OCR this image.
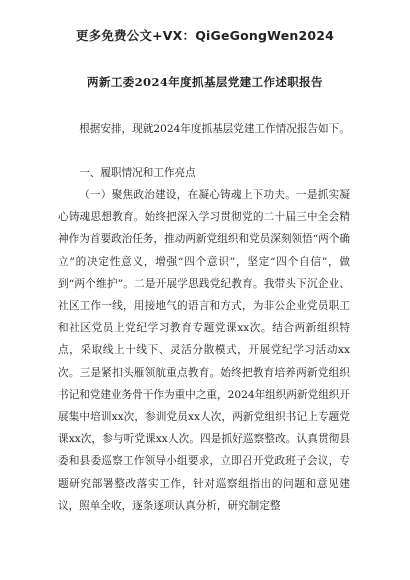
更多免费公文+VX：QiGeGongWen2024
两新工委2024年度抓基层党建工作述职报告
根据安排，现就2024年度抓基层党建工作情况报告如下。
一、履职情况和工作亮点
（一）聚焦政治建设，在凝心铸魂上下功夫。一是抓实凝心铸魂思想教育。始终把深入学习贯彻党的二十届三中全会精神作为首要政治任务，推动两新党组织和党员深刻领悟“两个确立”的决定性意义，增强“四个意识”，坚定“四个自信”，做到“两个维护”。二是开展学思践党纪教育。我带头下沉企业、社区工作一线，用接地气的语言和方式，为非公企业党员职工和社区党员上党纪学习教育专题党课xx次。结合两新组织特点，采取线上十线下、灵活分散模式，开展党纪学习活动xx次。三是紧扣头雁领航重点教育。始终把教育培养两新党组织书记和党建业务骨干作为重中之重，2024年组织两新党组织开展集中培训xx次，参训党员xx人次，两新党组织书记上专题党课xx次，参与听党课xx人次。四是抓好巡察整改。认真贯彻县委和县委巡察工作领导小组要求，立即召开党政班子会议，专题研究部署整改落实工作，针对巡察组指出的问题和意见建议，照单全收，逐条逐项认真分析，研究制定整
